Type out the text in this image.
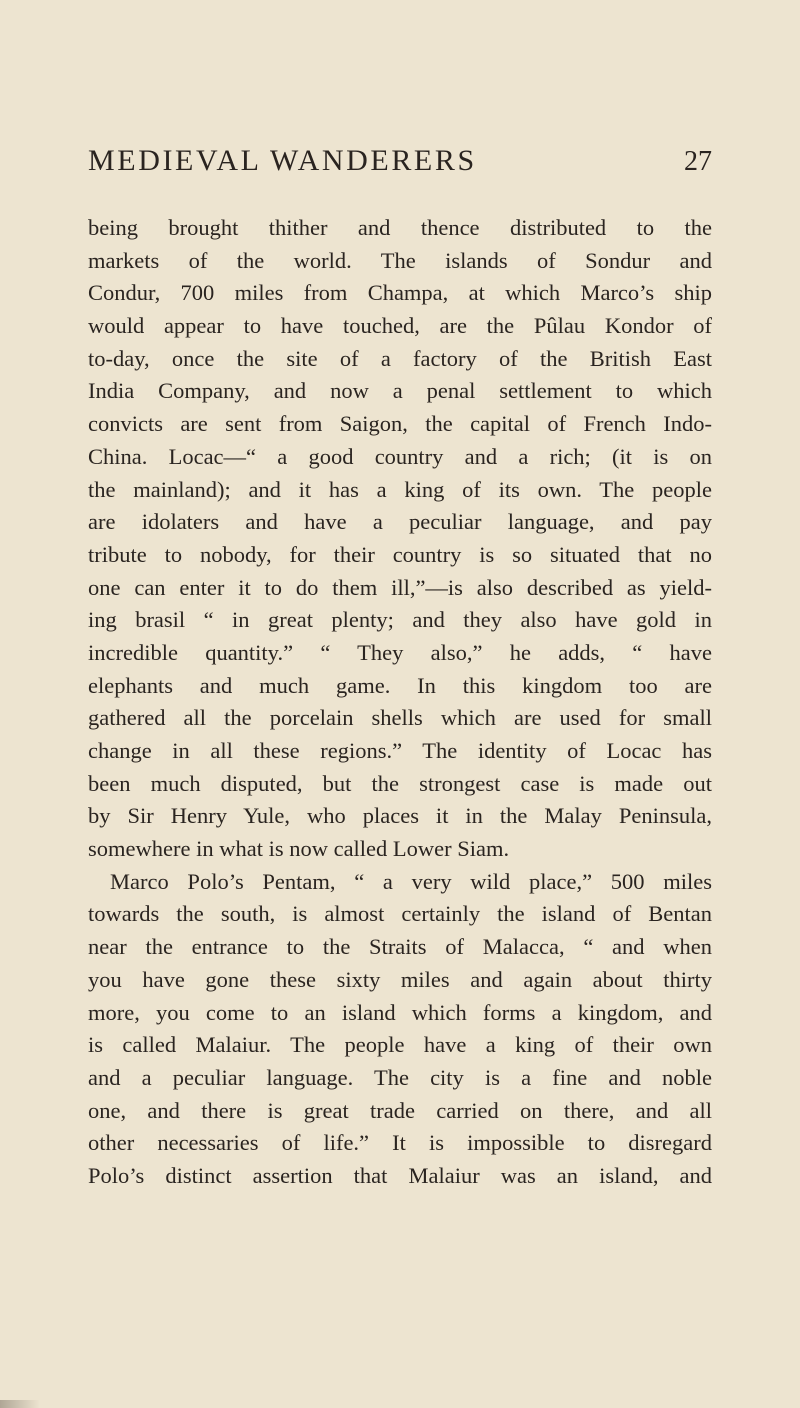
MEDIEVAL WANDERERS	27
being brought thither and thence distributed to the
markets of the world. The islands of Sondur and
Condur, 700 miles from Champa, at which Marco’s ship
would appear to have touched, are the Pûlau Kondor of
to-day, once the site of a factory of the British East
India Company, and now a penal settlement to which
convicts are sent from Saigon, the capital of French Indo-
China. Locac—“ a good country and a rich; (it is on
the mainland); and it has a king of its own. The people
are idolaters and have a peculiar language, and pay
tribute to nobody, for their country is so situated that no
one can enter it to do them ill,”—is also described as yield-
ing brasil “ in great plenty; and they also have gold in
incredible quantity.” “ They also,” he adds, “ have
elephants and much game. In this kingdom too are
gathered all the porcelain shells which are used for small
change in all these regions.” The identity of Locac has
been much disputed, but the strongest case is made out
by Sir Henry Yule, who places it in the Malay Peninsula,
somewhere in what is now called Lower Siam.
Marco Polo’s Pentam, “ a very wild place,” 500 miles
towards the south, is almost certainly the island of Bentan
near the entrance to the Straits of Malacca, “ and when
you have gone these sixty miles and again about thirty
more, you come to an island which forms a kingdom, and
is called Malaiur. The people have a king of their own
and a peculiar language. The city is a fine and noble
one, and there is great trade carried on there, and all
other necessaries of life.” It is impossible to disregard
Polo’s distinct assertion that Malaiur was an island, and
